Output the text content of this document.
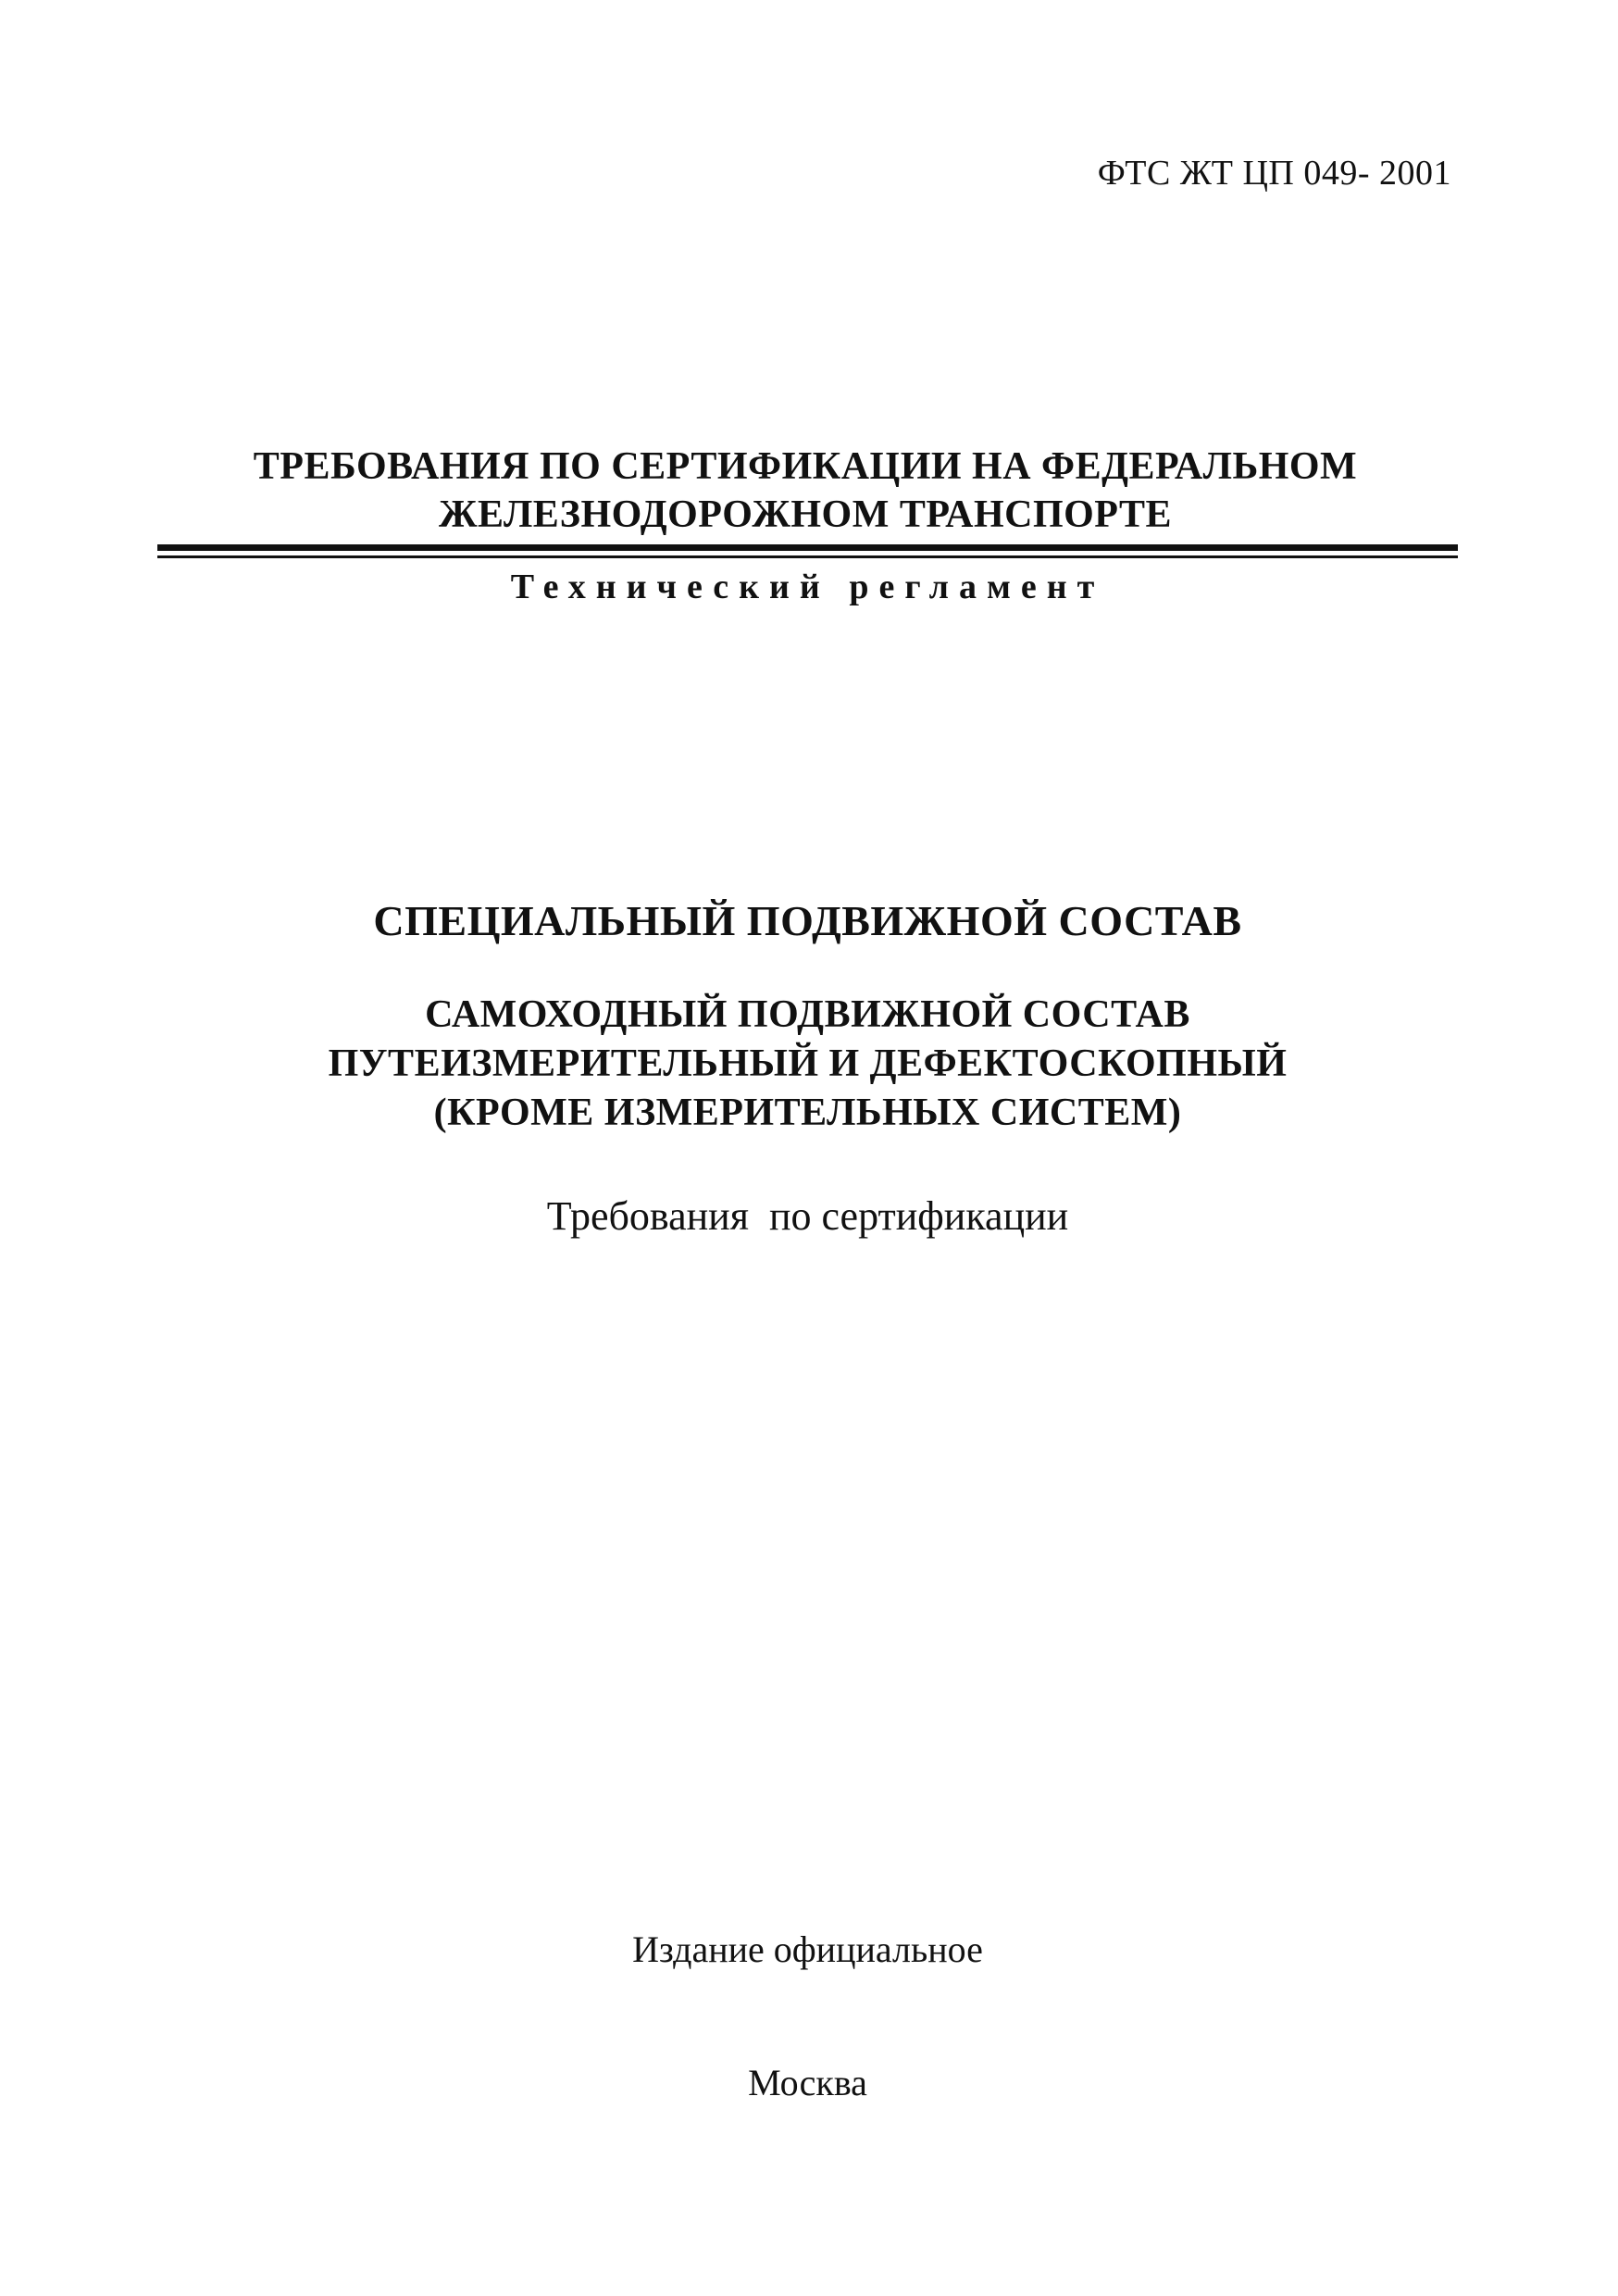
ФТС ЖТ ЦП 049- 2001
ТРЕБОВАНИЯ ПО СЕРТИФИКАЦИИ НА ФЕДЕРАЛЬНОМ
ЖЕЛЕЗНОДОРОЖНОМ ТРАНСПОРТЕ
Технический регламент
СПЕЦИАЛЬНЫЙ ПОДВИЖНОЙ СОСТАВ
САМОХОДНЫЙ ПОДВИЖНОЙ СОСТАВ
ПУТЕИЗМЕРИТЕЛЬНЫЙ И ДЕФЕКТОСКОПНЫЙ
(КРОМЕ ИЗМЕРИТЕЛЬНЫХ СИСТЕМ)
Требования  по сертификации
Издание официальное
Москва
